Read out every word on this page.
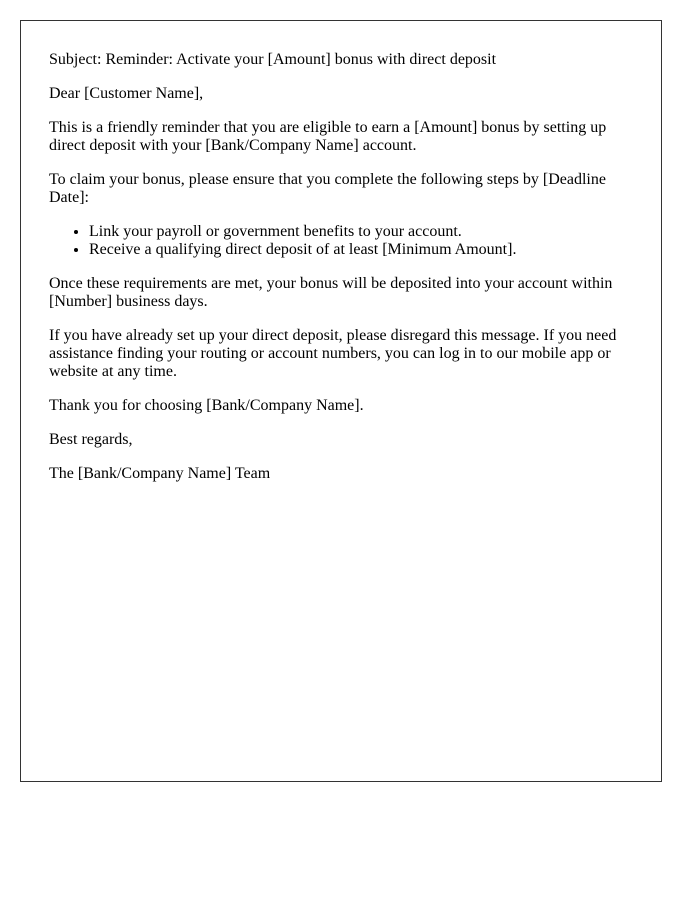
Subject: Reminder: Activate your [Amount] bonus with direct deposit

Dear [Customer Name],

This is a friendly reminder that you are eligible to earn a [Amount] bonus by setting up direct deposit with your [Bank/Company Name] account.

To claim your bonus, please ensure that you complete the following steps by [Deadline Date]:

• Link your payroll or government benefits to your account.
• Receive a qualifying direct deposit of at least [Minimum Amount].

Once these requirements are met, your bonus will be deposited into your account within [Number] business days.

If you have already set up your direct deposit, please disregard this message. If you need assistance finding your routing or account numbers, you can log in to our mobile app or website at any time.

Thank you for choosing [Bank/Company Name].

Best regards,

The [Bank/Company Name] Team
